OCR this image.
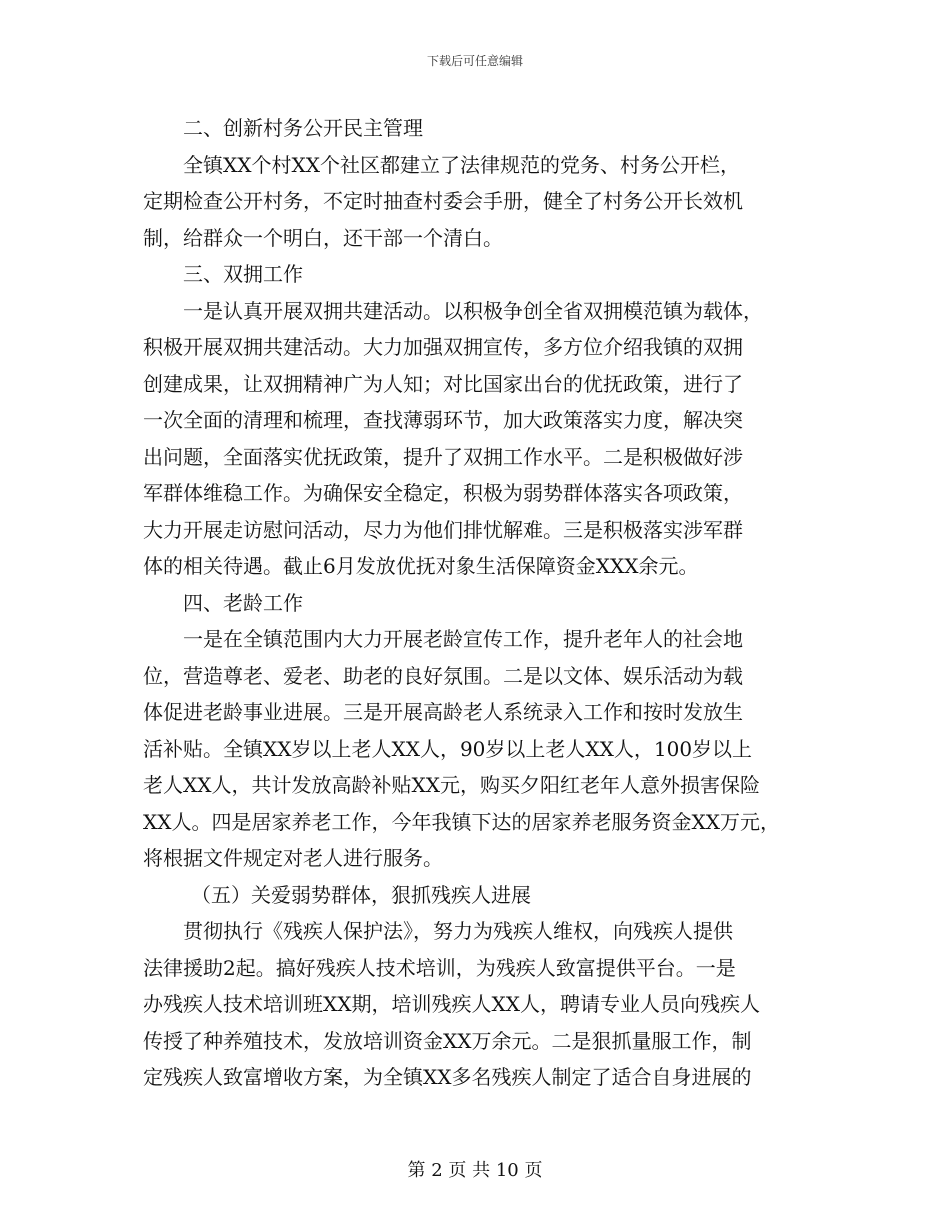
下载后可任意编辑
二、创新村务公开民主管理
全镇XX个村XX个社区都建立了法律规范的党务、村务公开栏，
定期检查公开村务，不定时抽查村委会手册，健全了村务公开长效机
制，给群众一个明白，还干部一个清白。
三、双拥工作
一是认真开展双拥共建活动。以积极争创全省双拥模范镇为载体，
积极开展双拥共建活动。大力加强双拥宣传，多方位介绍我镇的双拥
创建成果，让双拥精神广为人知；对比国家出台的优抚政策，进行了
一次全面的清理和梳理，查找薄弱环节，加大政策落实力度，解决突
出问题，全面落实优抚政策，提升了双拥工作水平。二是积极做好涉
军群体维稳工作。为确保安全稳定，积极为弱势群体落实各项政策，
大力开展走访慰问活动，尽力为他们排忧解难。三是积极落实涉军群
体的相关待遇。截止6月发放优抚对象生活保障资金XXX余元。
四、老龄工作
一是在全镇范围内大力开展老龄宣传工作，提升老年人的社会地
位，营造尊老、爱老、助老的良好氛围。二是以文体、娱乐活动为载
体促进老龄事业进展。三是开展高龄老人系统录入工作和按时发放生
活补贴。全镇XX岁以上老人XX人，90岁以上老人XX人，100岁以上
老人XX人，共计发放高龄补贴XX元，购买夕阳红老年人意外损害保险
XX人。四是居家养老工作，今年我镇下达的居家养老服务资金XX万元，
将根据文件规定对老人进行服务。
（五）关爱弱势群体，狠抓残疾人进展
贯彻执行《残疾人保护法》，努力为残疾人维权，向残疾人提供
法律援助2起。搞好残疾人技术培训，为残疾人致富提供平台。一是
办残疾人技术培训班XX期，培训残疾人XX人，聘请专业人员向残疾人
传授了种养殖技术，发放培训资金XX万余元。二是狠抓量服工作，制
定残疾人致富增收方案，为全镇XX多名残疾人制定了适合自身进展的
第 2 页 共 10 页
